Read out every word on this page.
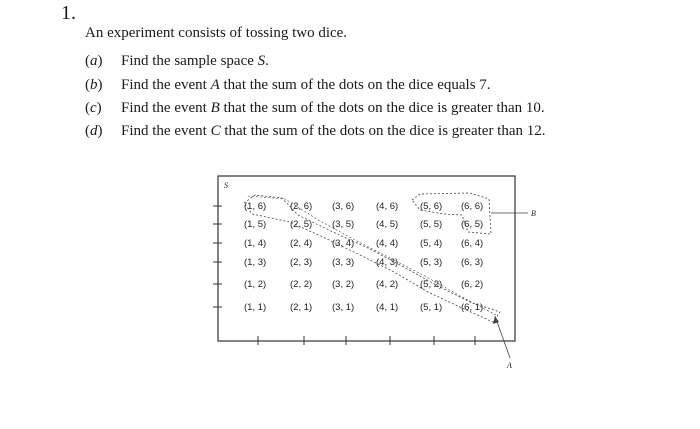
1.
An experiment consists of tossing two dice.
(a) Find the sample space S.
(b) Find the event A that the sum of the dots on the dice equals 7.
(c) Find the event B that the sum of the dots on the dice is greater than 10.
(d) Find the event C that the sum of the dots on the dice is greater than 12.
S
(1, 6)	(2, 6) (3, 6) (4, 6) (5, 6) (6, 6)
(1, 5)	(2, 5) (3, 5) (4, 5) (5, 5) (6, 5)
(1, 4)	(2, 4) (3, 4) (4, 4) (5, 4) (6, 4)
(1, 3)	(2, 3) (3, 3) (4, 3) (5, 3) (6, 3)
(1, 2)	(2, 2) (3, 2) (4, 2) (5, 2) (6, 2)
(1, 1)	(2, 1) (3, 1) (4, 1) (5, 1) (6, 1)
B
A
